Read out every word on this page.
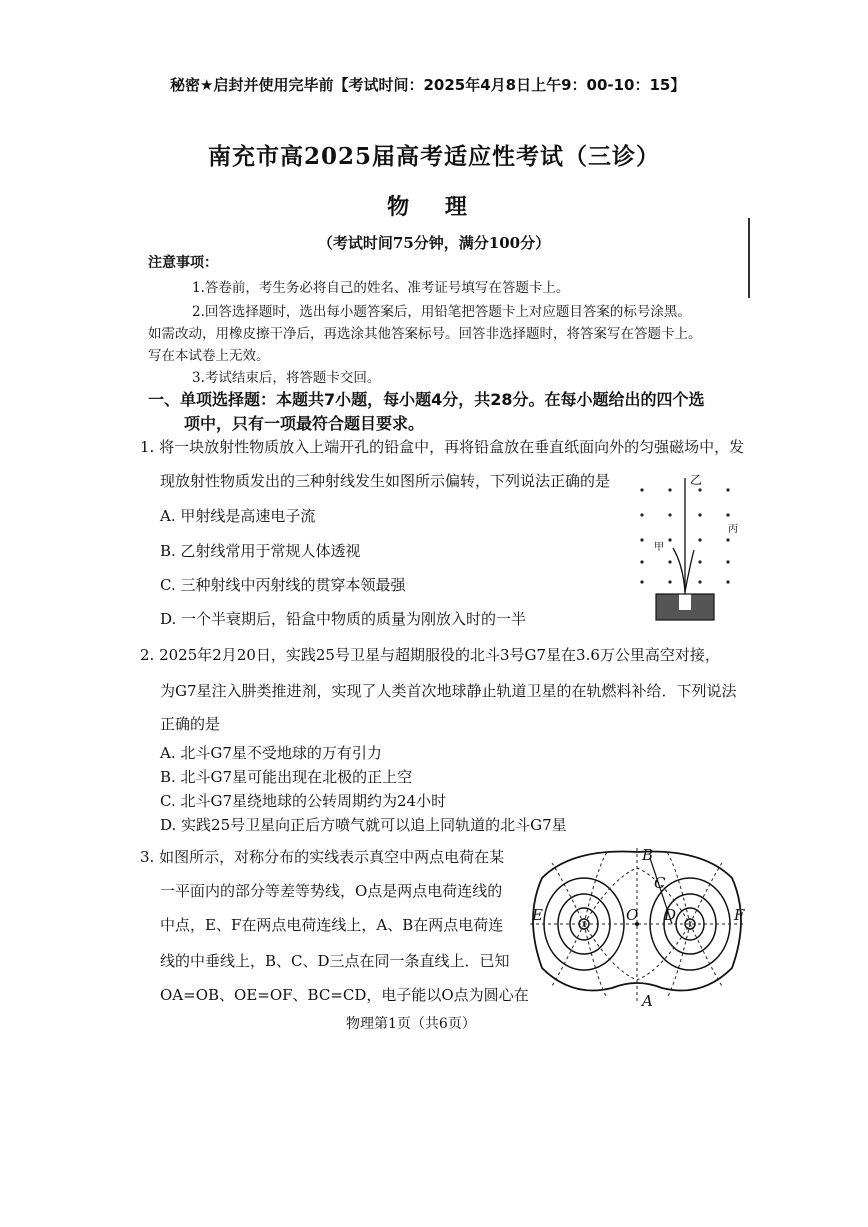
秘密★启封并使用完毕前【考试时间：2025年4月8日上午9：00-10：15】
南充市高2025届高考适应性考试（三诊）
物 理
（考试时间75分钟，满分100分）
注意事项：
1.答卷前，考生务必将自己的姓名、准考证号填写在答题卡上。
2.回答选择题时，选出每小题答案后，用铅笔把答题卡上对应题目答案的标号涂黑。
如需改动，用橡皮擦干净后，再选涂其他答案标号。回答非选择题时，将答案写在答题卡上。
写在本试卷上无效。
3.考试结束后，将答题卡交回。
一、单项选择题：本题共7小题，每小题4分，共28分。在每小题给出的四个选
项中，只有一项最符合题目要求。
1. 将一块放射性物质放入上端开孔的铅盒中，再将铅盒放在垂直纸面向外的匀强磁场中，发
现放射性物质发出的三种射线发生如图所示偏转，下列说法正确的是
A. 甲射线是高速电子流
B. 乙射线常用于常规人体透视
C. 三种射线中丙射线的贯穿本领最强
D. 一个半衰期后，铅盒中物质的质量为刚放入时的一半
乙
丙
甲
2. 2025年2月20日，实践25号卫星与超期服役的北斗3号G7星在3.6万公里高空对接，
为G7星注入肼类推进剂，实现了人类首次地球静止轨道卫星的在轨燃料补给．下列说法
正确的是
A. 北斗G7星不受地球的万有引力
B. 北斗G7星可能出现在北极的正上空
C. 北斗G7星绕地球的公转周期约为24小时
D. 实践25号卫星向正后方喷气就可以追上同轨道的北斗G7星
3. 如图所示，对称分布的实线表示真空中两点电荷在某
一平面内的部分等差等势线，O点是两点电荷连线的
中点，E、F在两点电荷连线上，A、B在两点电荷连
线的中垂线上，B、C、D三点在同一条直线上．已知
OA=OB、OE=OF、BC=CD，电子能以O点为圆心在
B
C
E	O D	F
A
物理第1页（共6页）
